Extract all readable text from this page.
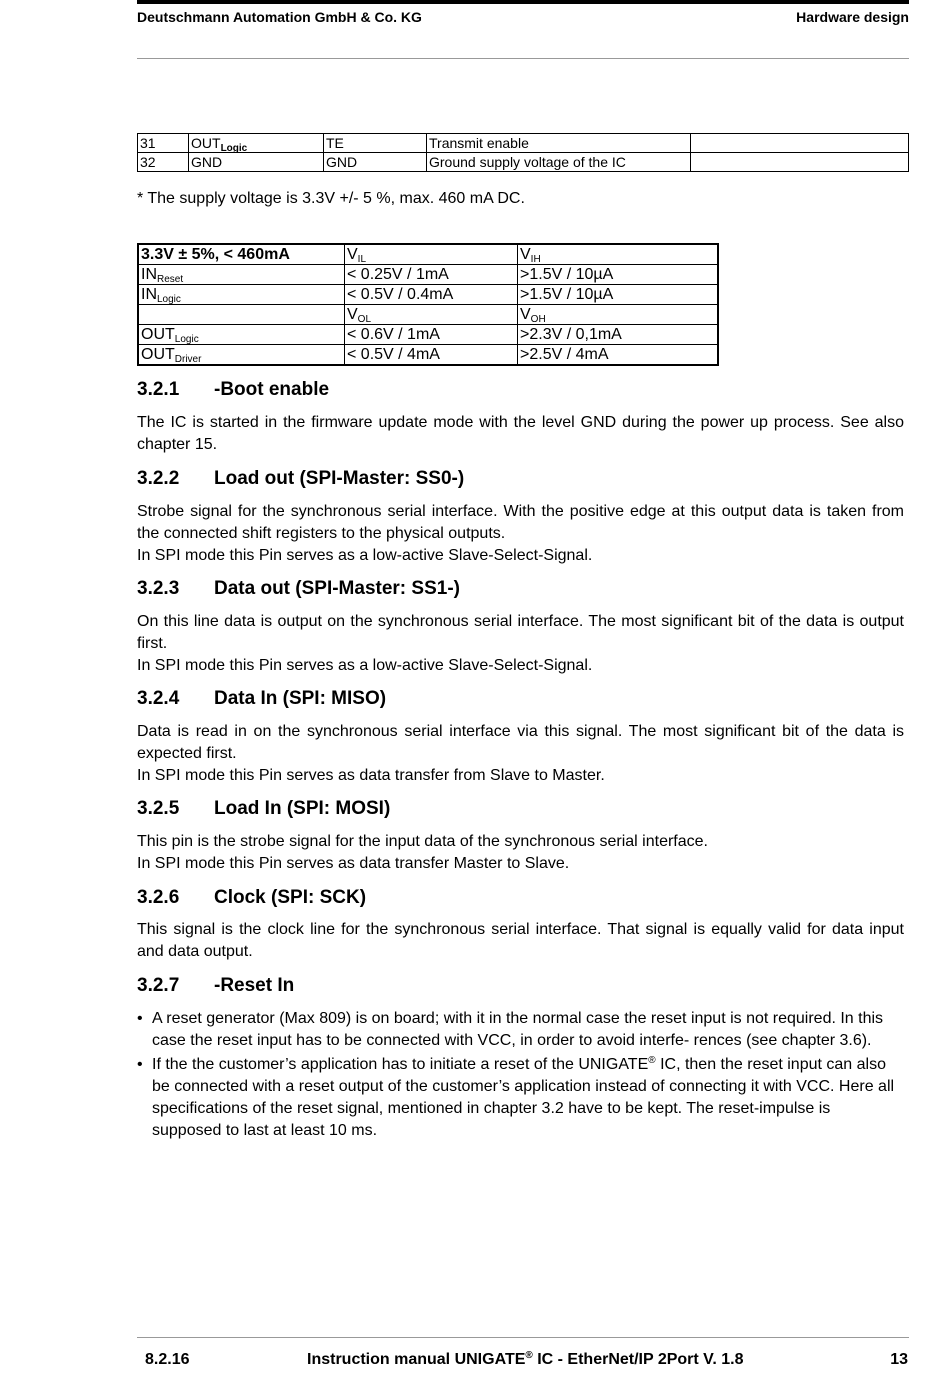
Deutschmann Automation GmbH & Co. KG	Hardware design
31	$OUT_{Logic}$	TE	Transmit enable	
32	GND	GND	Ground supply voltage of the IC	
* The supply voltage is 3.3V +/- 5 %, max. 460 mA DC.
3.3V ± 5%, < 460mA	$V_{IL}$	$V_{IH}$
$IN_{Reset}$	< 0.25V / 1mA	>1.5V / 10µA
$IN_{Logic}$	< 0.5V / 0.4mA	>1.5V / 10µA
	$V_{OL}$	$V_{OH}$
$OUT_{Logic}$	< 0.6V / 1mA	>2.3V / 0,1mA
$OUT_{Driver}$	< 0.5V / 4mA	>2.5V / 4mA
3.2.1 -Boot enable

The IC is started in the firmware update mode with the level GND during the power up process. See also chapter 15.

3.2.2 Load out (SPI-Master: SS0-)

Strobe signal for the synchronous serial interface. With the positive edge at this output data is taken from the connected shift registers to the physical outputs.

In SPI mode this Pin serves as a low-active Slave-Select-Signal.

3.2.3 Data out (SPI-Master: SS1-)

On this line data is output on the synchronous serial interface. The most significant bit of the data is output first.

In SPI mode this Pin serves as a low-active Slave-Select-Signal.

3.2.4 Data In (SPI: MISO)

Data is read in on the synchronous serial interface via this signal. The most significant bit of the data is expected first.

In SPI mode this Pin serves as data transfer from Slave to Master.

3.2.5 Load In (SPI: MOSI)

This pin is the strobe signal for the input data of the synchronous serial interface.

In SPI mode this Pin serves as data transfer Master to Slave.

3.2.6 Clock (SPI: SCK)

This signal is the clock line for the synchronous serial interface. That signal is equally valid for data input and data output.

3.2.7 -Reset In
• A reset generator (Max 809) is on board; with it in the normal case the reset input is not required. In this case the reset input has to be connected with VCC, in order to avoid interfe- rences (see chapter 3.6).
• If the the customer’s application has to initiate a reset of the UNIGATE® IC, then the reset input can also be connected with a reset output of the customer’s application instead of connecting it with VCC. Here all specifications of the reset signal, mentioned in chapter 3.2 have to be kept. The reset-impulse is supposed to last at least 10 ms.
8.2.16	Instruction manual UNIGATE® IC - EtherNet/IP 2Port V. 1.8	13
